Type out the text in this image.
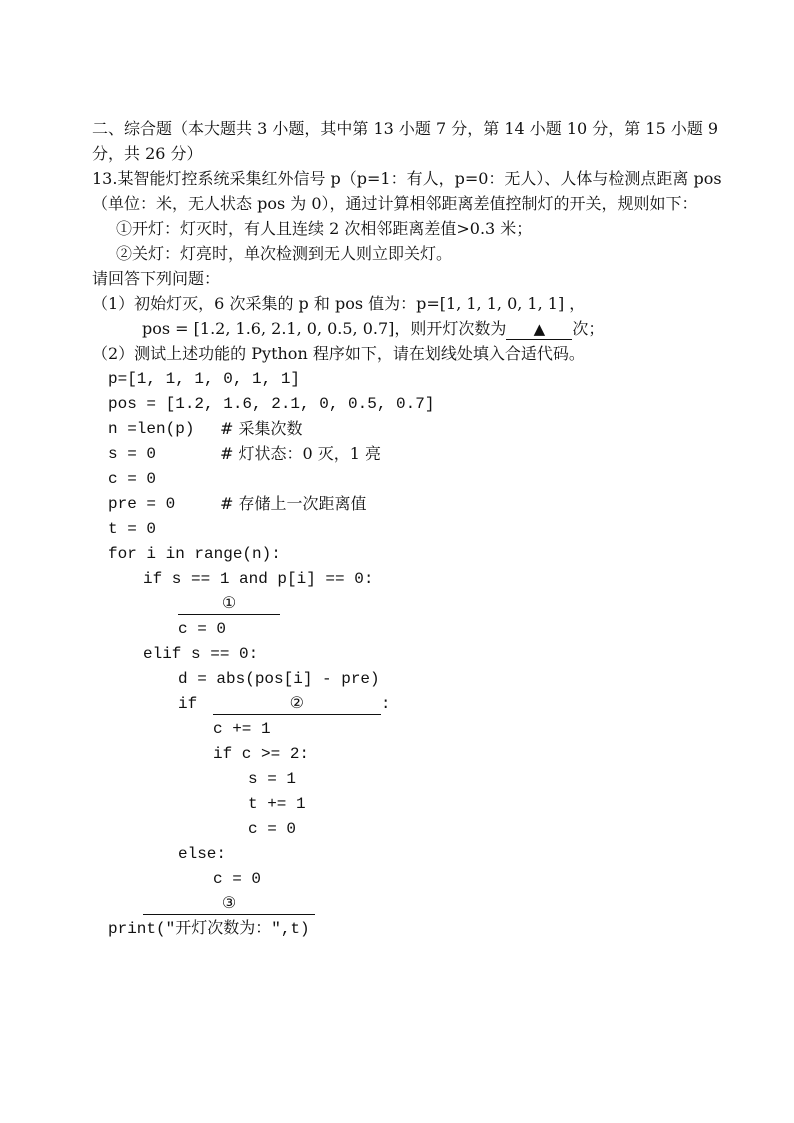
二、综合题（本大题共 3 小题，其中第 13 小题 7 分，第 14 小题 10 分，第 15 小题 9
分，共 26 分）
13.某智能灯控系统采集红外信号 p（p=1：有人，p=0：无人）、人体与检测点距离 pos
（单位：米，无人状态 pos 为 0），通过计算相邻距离差值控制灯的开关，规则如下：
①开灯：灯灭时，有人且连续 2 次相邻距离差值>0.3 米；
②关灯：灯亮时，单次检测到无人则立即关灯。
请回答下列问题：
（1）初始灯灭，6 次采集的 p 和 pos 值为：p=[1, 1, 1, 0, 1, 1] ，
pos = [1.2, 1.6, 2.1, 0, 0.5, 0.7]，则开灯次数为 ▲ 次；
（2）测试上述功能的 Python 程序如下，请在划线处填入合适代码。
p=[1, 1, 1, 0, 1, 1]
pos = [1.2, 1.6, 2.1, 0, 0.5, 0.7]
n =len(p) # 采集次数
s = 0	# 灯状态：0 灭，1 亮
c = 0
pre = 0	# 存储上一次距离值
t = 0
for i in range(n):
if s == 1 and p[i] == 0:
①
c = 0
elif s == 0:
d = abs(pos[i] - pre)
if	②	:
c += 1
if c >= 2:
s = 1
t += 1
c = 0
else:
c = 0
③
print("开灯次数为：",t)
